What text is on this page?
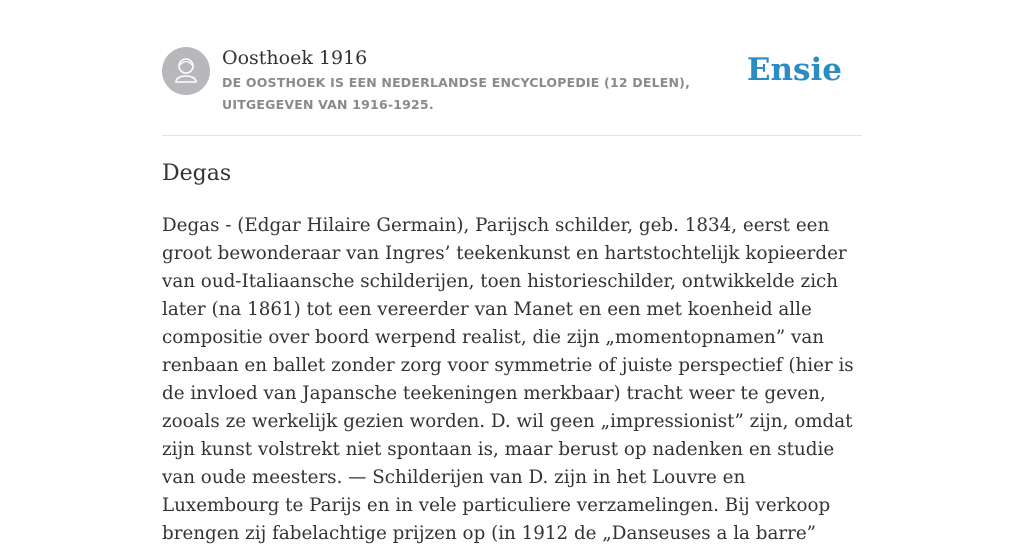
Oosthoek 1916
DE OOSTHOEK IS EEN NEDERLANDSE ENCYCLOPEDIE (12 DELEN), UITGEGEVEN VAN 1916-1925.
Ensie
Degas

Degas - (Edgar Hilaire Germain), Parijsch schilder, geb. 1834, eerst een groot bewonderaar van Ingres’ teekenkunst en hartstochtelijk kopieerder van oud-Italiaansche schilderijen, toen historieschilder, ontwikkelde zich later (na 1861) tot een vereerder van Manet en een met koenheid alle compositie over boord werpend realist, die zijn „momentopnamen” van renbaan en ballet zonder zorg voor symmetrie of juiste perspectief (hier is de invloed van Japansche teekeningen merkbaar) tracht weer te geven, zooals ze werkelijk gezien worden. D. wil geen „impressionist” zijn, omdat zijn kunst volstrekt niet spontaan is, maar berust op nadenken en studie van oude meesters. — Schilderijen van D. zijn in het Louvre en Luxembourg te Parijs en in vele particuliere verzamelingen. Bij verkoop brengen zij fabelachtige prijzen op (in 1912 de „Danseuses a la barre”
